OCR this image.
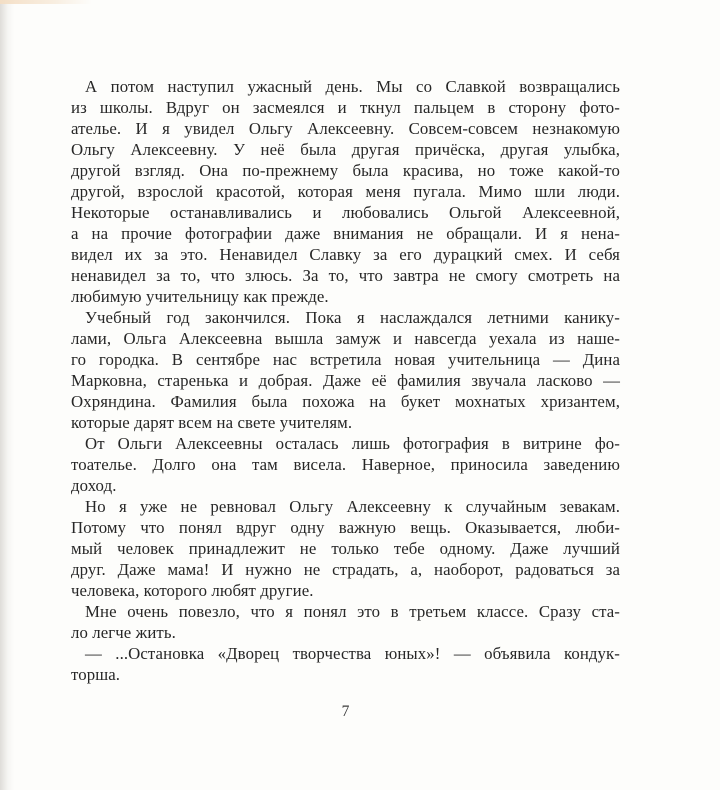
А потом наступил ужасный день. Мы со Славкой возвращались
из школы. Вдруг он засмеялся и ткнул пальцем в сторону фото-
ателье. И я увидел Ольгу Алексеевну. Совсем-совсем незнакомую
Ольгу Алексеевну. У неё была другая причёска, другая улыбка,
другой взгляд. Она по-прежнему была красива, но тоже какой-то
другой, взрослой красотой, которая меня пугала. Мимо шли люди.
Некоторые останавливались и любовались Ольгой Алексеевной,
а на прочие фотографии даже внимания не обращали. И я нена-
видел их за это. Ненавидел Славку за его дурацкий смех. И себя
ненавидел за то, что злюсь. За то, что завтра не смогу смотреть на
любимую учительницу как прежде.
Учебный год закончился. Пока я наслаждался летними канику-
лами, Ольга Алексеевна вышла замуж и навсегда уехала из наше-
го городка. В сентябре нас встретила новая учительница — Дина
Марковна, старенька и добрая. Даже её фамилия звучала ласково —
Охряндина. Фамилия была похожа на букет мохнатых хризантем,
которые дарят всем на свете учителям.
От Ольги Алексеевны осталась лишь фотография в витрине фо-
тоателье. Долго она там висела. Наверное, приносила заведению
доход.
Но я уже не ревновал Ольгу Алексеевну к случайным зевакам.
Потому что понял вдруг одну важную вещь. Оказывается, люби-
мый человек принадлежит не только тебе одному. Даже лучший
друг. Даже мама! И нужно не страдать, а, наоборот, радоваться за
человека, которого любят другие.
Мне очень повезло, что я понял это в третьем классе. Сразу ста-
ло легче жить.
— ...Остановка «Дворец творчества юных»! — объявила кондук-
торша.
7
